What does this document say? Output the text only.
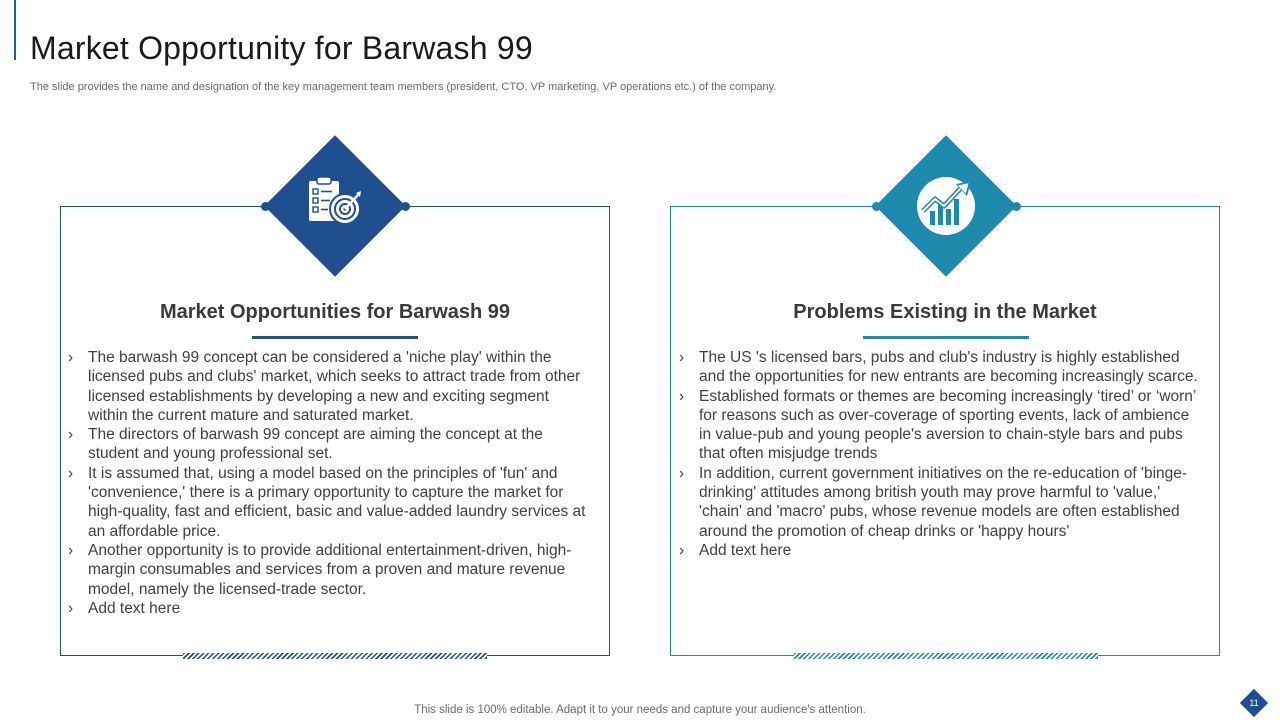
Market Opportunity for Barwash 99

The slide provides the name and designation of the key management team members (president, CTO, VP marketing, VP operations etc.) of the company.

Market Opportunities for Barwash 99
› The barwash 99 concept can be considered a 'niche play' within the licensed pubs and clubs' market, which seeks to attract trade from other licensed establishments by developing a new and exciting segment within the current mature and saturated market.
› The directors of barwash 99 concept are aiming the concept at the student and young professional set.
› It is assumed that, using a model based on the principles of 'fun' and 'convenience,' there is a primary opportunity to capture the market for high-quality, fast and efficient, basic and value-added laundry services at an affordable price.
› Another opportunity is to provide additional entertainment-driven, high-margin consumables and services from a proven and mature revenue model, namely the licensed-trade sector.
› Add text here
Problems Existing in the Market
› The US 's licensed bars, pubs and club's industry is highly established and the opportunities for new entrants are becoming increasingly scarce.
› Established formats or themes are becoming increasingly ‘tired’ or ‘worn’ for reasons such as over-coverage of sporting events, lack of ambience in value-pub and young people's aversion to chain-style bars and pubs that often misjudge trends
› In addition, current government initiatives on the re-education of 'binge-drinking' attitudes among british youth may prove harmful to 'value,' 'chain' and 'macro' pubs, whose revenue models are often established around the promotion of cheap drinks or 'happy hours'
› Add text here

This slide is 100% editable. Adapt it to your needs and capture your audience's attention.

11
